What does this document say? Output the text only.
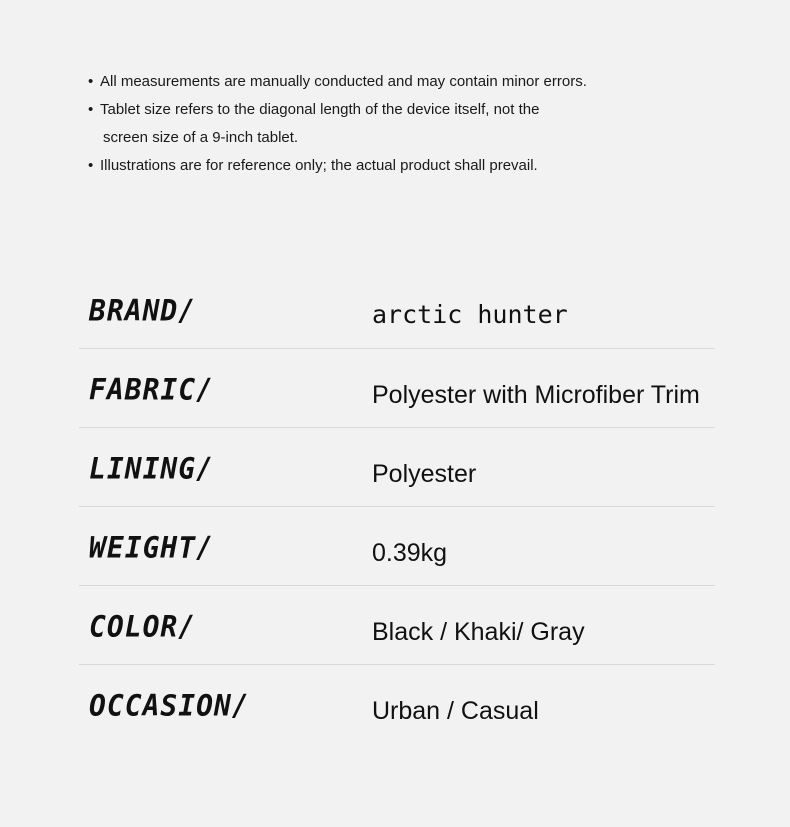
• All measurements are manually conducted and may contain minor errors.

• Tablet size refers to the diagonal length of the device itself, not the
screen size of a 9-inch tablet.

• Illustrations are for reference only; the actual product shall prevail.

BRAND/	arctic hunter
FABRIC/	Polyester with Microfiber Trim
LINING/	Polyester
WEIGHT/	0.39kg
COLOR/	Black / Khaki/ Gray
OCCASION/	Urban / Casual
